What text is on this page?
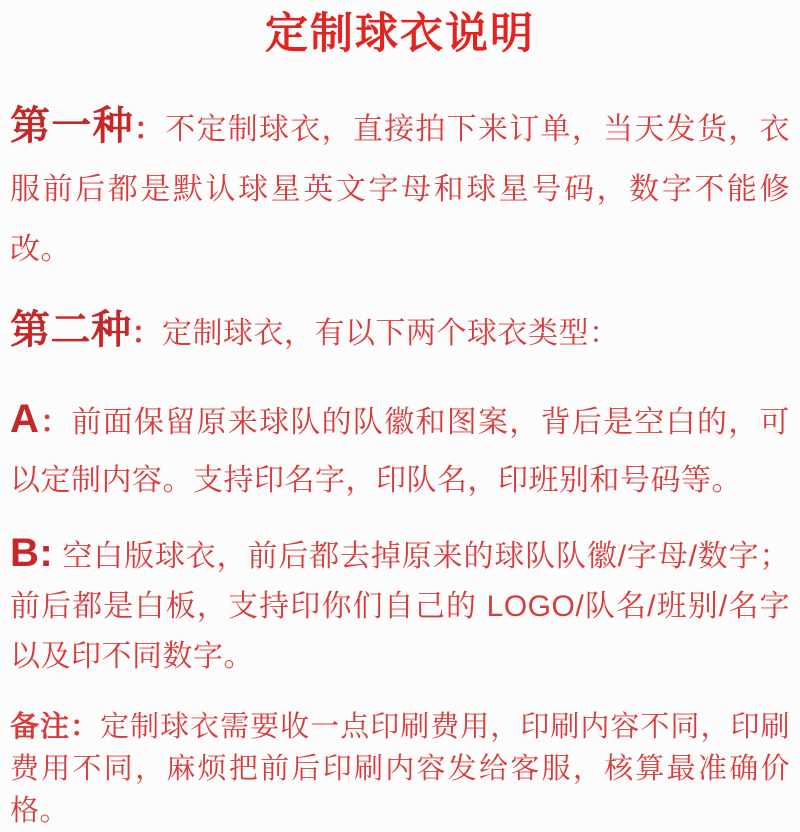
定制球衣说明

第一种：不定制球衣，直接拍下来订单，当天发货，衣服前后都是默认球星英文字母和球星号码，数字不能修改。

第二种：定制球衣，有以下两个球衣类型：

A：前面保留原来球队的队徽和图案，背后是空白的，可以定制内容。支持印名字，印队名，印班别和号码等。

B: 空白版球衣，前后都去掉原来的球队队徽/字母/数字；前后都是白板，支持印你们自己的 LOGO/队名/班别/名字以及印不同数字。

备注：定制球衣需要收一点印刷费用，印刷内容不同，印刷费用不同，麻烦把前后印刷内容发给客服，核算最准确价格。
